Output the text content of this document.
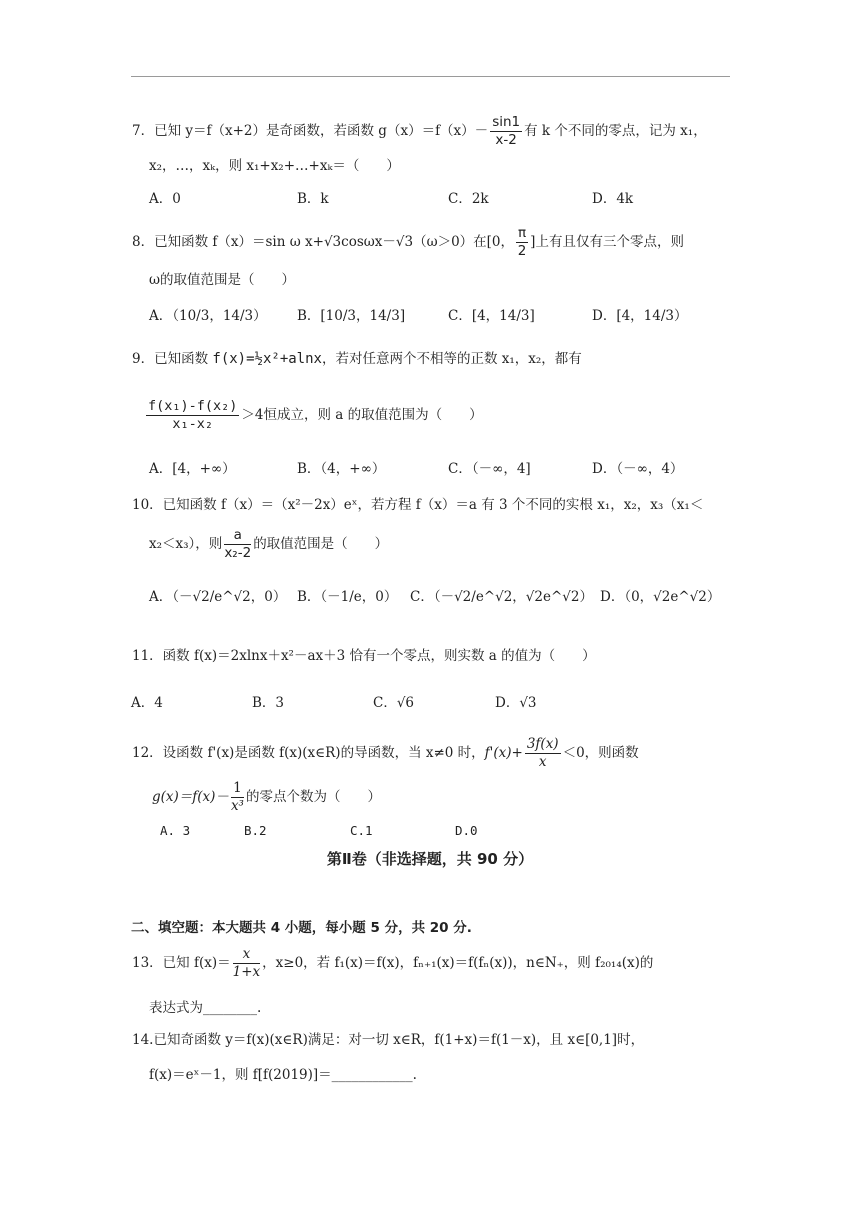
7．已知 y＝f（x+2）是奇函数，若函数 $g(x)=f(x)- \frac{\sin 1}{x-2}$ 有 k 个不同的零点，记为 x₁，
x₂，…，xₖ，则 x₁+x₂+…+xₖ＝（　　）
A．0	B．k	C．2k	D．4k
8．已知函数 f（x）＝sin ω x+√3cosωx－√3（ω＞0）在[0， $\frac{\pi}{2}$ ]上有且仅有三个零点，则
ω的取值范围是（　　）
A．（10/3，14/3） B．[10/3，14/3]	C．[4，14/3]	D．[4，14/3）
9．已知函数 f(x)=½x²+alnx，若对任意两个不相等的正数 x₁，x₂，都有
$\frac{\text{f(x₁)-f(x₂)}}{\text{x₁-x₂}} >4$恒成立，则 a 的取值范围为（　　）
A．[4，+∞）	B．（4，+∞）	C．（－∞，4]	D．（－∞，4）
10．已知函数 f（x）＝（x²－2x）eˣ，若方程 f（x）＝a 有 3 个不同的实根 x₁，x₂，x₃（x₁＜
x₂＜x₃），则 $\frac{a}{\text{x₂-2}}$ 的取值范围是（　　）
A．（－√2/e^√2，0） B．（－1/e，0） C．（－√2/e^√2，√2e^√2） D．（0，√2e^√2）
11．函数 f(x)＝2xlnx＋x²－ax＋3 恰有一个零点，则实数 a 的值为（　　）
A．4	B．3	C．√6	D．√3
12．设函数 f'(x)是函数 f(x)(x∈R)的导函数，当 x≠0 时，$f'(x)+ \frac{3f(x)}{x} <0$，则函数
$g(x)=f(x)- \frac{1}{\text{x³}}$ 的零点个数为（　　）
A. 3	B.2	C.1	D.0
第Ⅱ卷（非选择题，共 90 分）
二、填空题：本大题共 4 小题，每小题 5 分，共 20 分.
13．已知 $f(x)= \frac{x}{1+x}$ ，x≥0，若 f₁(x)＝f(x)，fₙ₊₁(x)＝f(fₙ(x))，n∈N₊，则 f₂₀₁₄(x)的
表达式为________.
14.已知奇函数 y＝f(x)(x∈R)满足：对一切 x∈R，f(1+x)＝f(1－x)，且 x∈[0,1]时，
f(x)＝eˣ－1，则 f[f(2019)]＝____________.
